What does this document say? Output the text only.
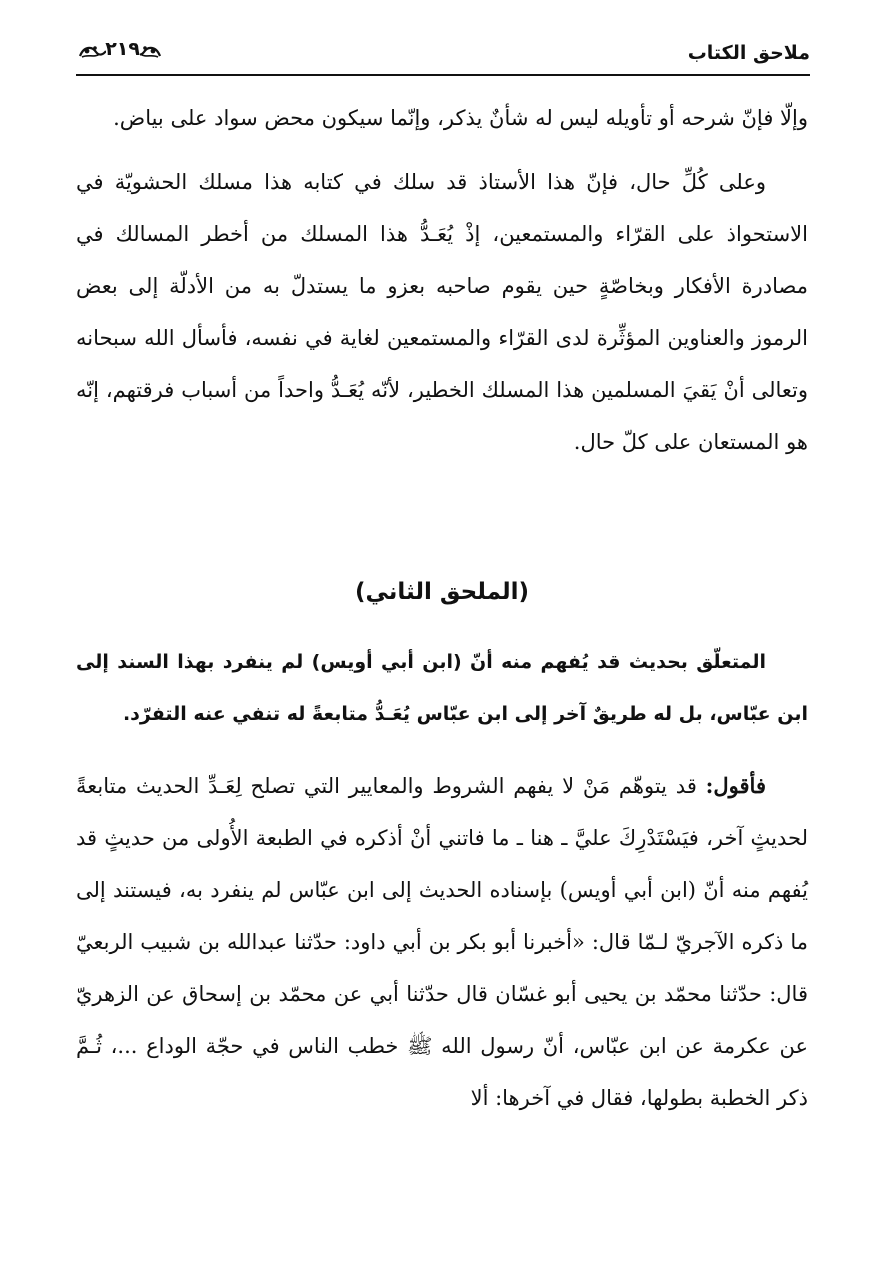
ملاحق الكتاب
٢١٩

وإلّا فإنّ شرحه أو تأويله ليس له شأنٌ يذكر، وإنّما سيكون محض سواد على بياض.

وعلى كُلِّ حال، فإنّ هذا الأستاذ قد سلك في كتابه هذا مسلك الحشويّة في الاستحواذ على القرّاء والمستمعين، إذْ يُعَـدُّ هذا المسلك من أخطر المسالك في مصادرة الأفكار وبخاصّةٍ حين يقوم صاحبه بعزو ما يستدلّ به من الأدلّة إلى بعض الرموز والعناوين المؤثِّرة لدى القرّاء والمستمعين لغاية في نفسه، فأسأل الله سبحانه وتعالى أنْ يَقيَ المسلمين هذا المسلك الخطير، لأنّه يُعَـدُّ واحداً من أسباب فرقتهم، إنّه هو المستعان على كلّ حال.

(الملحق الثاني)

المتعلّق بحديث قد يُفهم منه أنّ (ابن أبي أويس) لم ينفرد بهذا السند إلى ابن عبّاس، بل له طريقٌ آخر إلى ابن عبّاس يُعَـدُّ متابعةً له تنفي عنه التفرّد.

فأقول: قد يتوهّم مَنْ لا يفهم الشروط والمعايير التي تصلح لِعَـدِّ الحديث متابعةً لحديثٍ آخر، فيَسْتَدْرِكَ عليَّ ـ هنا ـ ما فاتني أنْ أذكره في الطبعة الأُولى من حديثٍ قد يُفهم منه أنّ (ابن أبي أويس) بإسناده الحديث إلى ابن عبّاس لم ينفرد به، فيستند إلى ما ذكره الآجريّ لـمّا قال: «أخبرنا أبو بكر بن أبي داود: حدّثنا عبدالله بن شبيب الربعيّ قال: حدّثنا محمّد بن يحيى أبو غسّان قال حدّثنا أبي عن محمّد بن إسحاق عن الزهريّ عن عكرمة عن ابن عبّاس، أنّ رسول الله ﷺ خطب الناس في حجّة الوداع ...، ثُـمَّ ذكر الخطبة بطولها، فقال في آخرها: ألا
